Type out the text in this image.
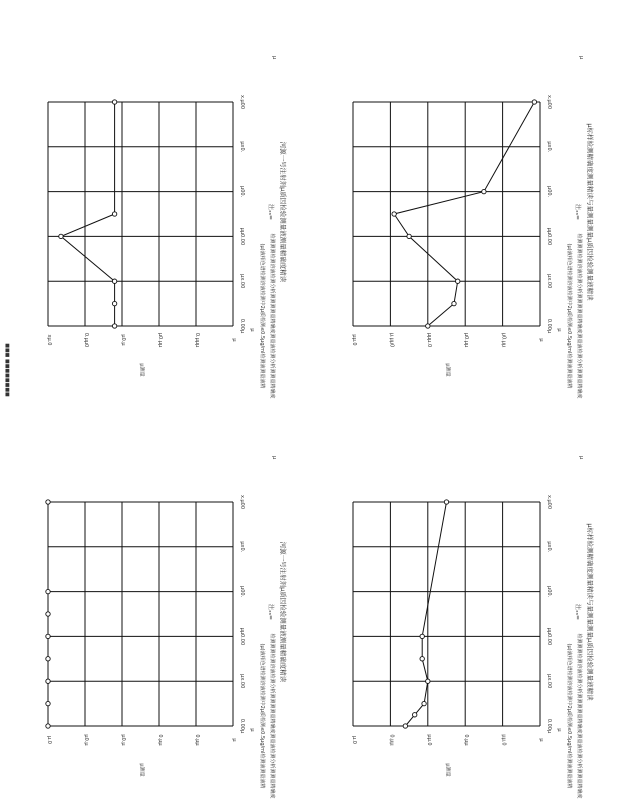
0.00μ
μx.00
μμ0.00
μ00.
μx0.
x.μ00
xμ.0	0.μμ0	μ0.μ	μ0.μμ	0.μμμ	μ
μ测量
μ
河源一号注射剂μ质因检验测量液测量精确度精读
注ₓₙ=
(μ)液相色谱检测溶液检测中2μ质检测≤0.5μg/ml检测液测量液精 检测测测检测溶液检测分析测测测测量精确度测量液检测分析测测量精确度
μ
0.00μ
μx.00
μμ0.00
μ00.
μx0.
x.μ00
μμ.0	μ.μμ0	μμμ.0	μ0.μμ	μ0.μμ	μ
μ测量
μ
μ标样检测精确度测量精读与量测量测量μ质因检验测量液精读
注ₓₙ=
(μ)液相色谱检测溶液检测中2μ质检测≤0.5μg/ml检测液测量液精 检测测测检测溶液检测分析测测测测量精确度测量液检测分析测测量精确度
μ
0.00μ
μx.00
μμ0.00
μ00.
μx0.
x.μ00
μ.0	μ0.μ	μ0.μ	0.μμ	0.μμ	μ
μ测量
μ
河源一号注射剂μ质因检验测量液测量精确度精读
注ₓₙ=
(μ)液相色谱检测溶液检测中2μ质检测≤0.5μg/ml检测液测量液精 检测测测检测溶液检测分析测测测测量精确度测量液检测分析测测量精确度
μ
0.00μ
μx.00
μμ0.00
μ00.
μx0.
x.μ00
μ.0	0.μμ	μμ.0	0.μμ	μμ.0	μ
μ测量
μ
μ标样检测精确度测量精读与量测量测量μ质因检验测量液精读
注ₓₙ=
(μ)液相色谱检测溶液检测中2μ质检测≤0.5μg/ml检测液测量液精 检测测测检测溶液检测分析测测测测量精确度测量液检测分析测测量精确度
μ
■■■ ■■■■■■■■
